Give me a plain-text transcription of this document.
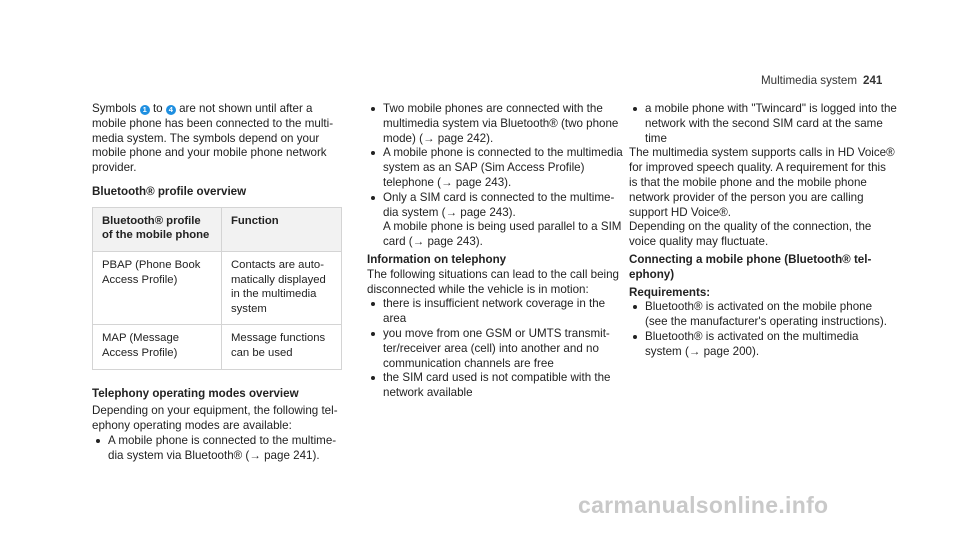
Multimedia system 241

Symbols 1 to 4 are not shown until after a mobile phone has been connected to the multimedia system. The symbols depend on your mobile phone and your mobile phone network provider.

Bluetooth® profile overview

Bluetooth® profile of the mobile phone	Function
PBAP (Phone Book Access Profile)	Contacts are automatically displayed in the multimedia system
MAP (Message Access Profile)	Message functions can be used

Telephony operating modes overview

Depending on your equipment, the following telephony operating modes are available:

A mobile phone is connected to the multimedia system via Bluetooth® (→ page 241).
Two mobile phones are connected with the multimedia system via Bluetooth® (two phone mode) (→ page 242).
A mobile phone is connected to the multimedia system as an SAP (Sim Access Profile) telephone (→ page 243).
Only a SIM card is connected to the multimedia system (→ page 243).

A mobile phone is being used parallel to a SIM card (→ page 243).

Information on telephony

The following situations can lead to the call being disconnected while the vehicle is in motion:

there is insufficient network coverage in the area
you move from one GSM or UMTS transmitter/receiver area (cell) into another and no communication channels are free
the SIM card used is not compatible with the network available
a mobile phone with "Twincard" is logged into the network with the second SIM card at the same time

The multimedia system supports calls in HD Voice® for improved speech quality. A requirement for this is that the mobile phone and the mobile phone network provider of the person you are calling support HD Voice®.

Depending on the quality of the connection, the voice quality may fluctuate.

Connecting a mobile phone (Bluetooth® telephony)

Requirements:

Bluetooth® is activated on the mobile phone (see the manufacturer's operating instructions).
Bluetooth® is activated on the multimedia system (→ page 200).
carmanualsonline.info
